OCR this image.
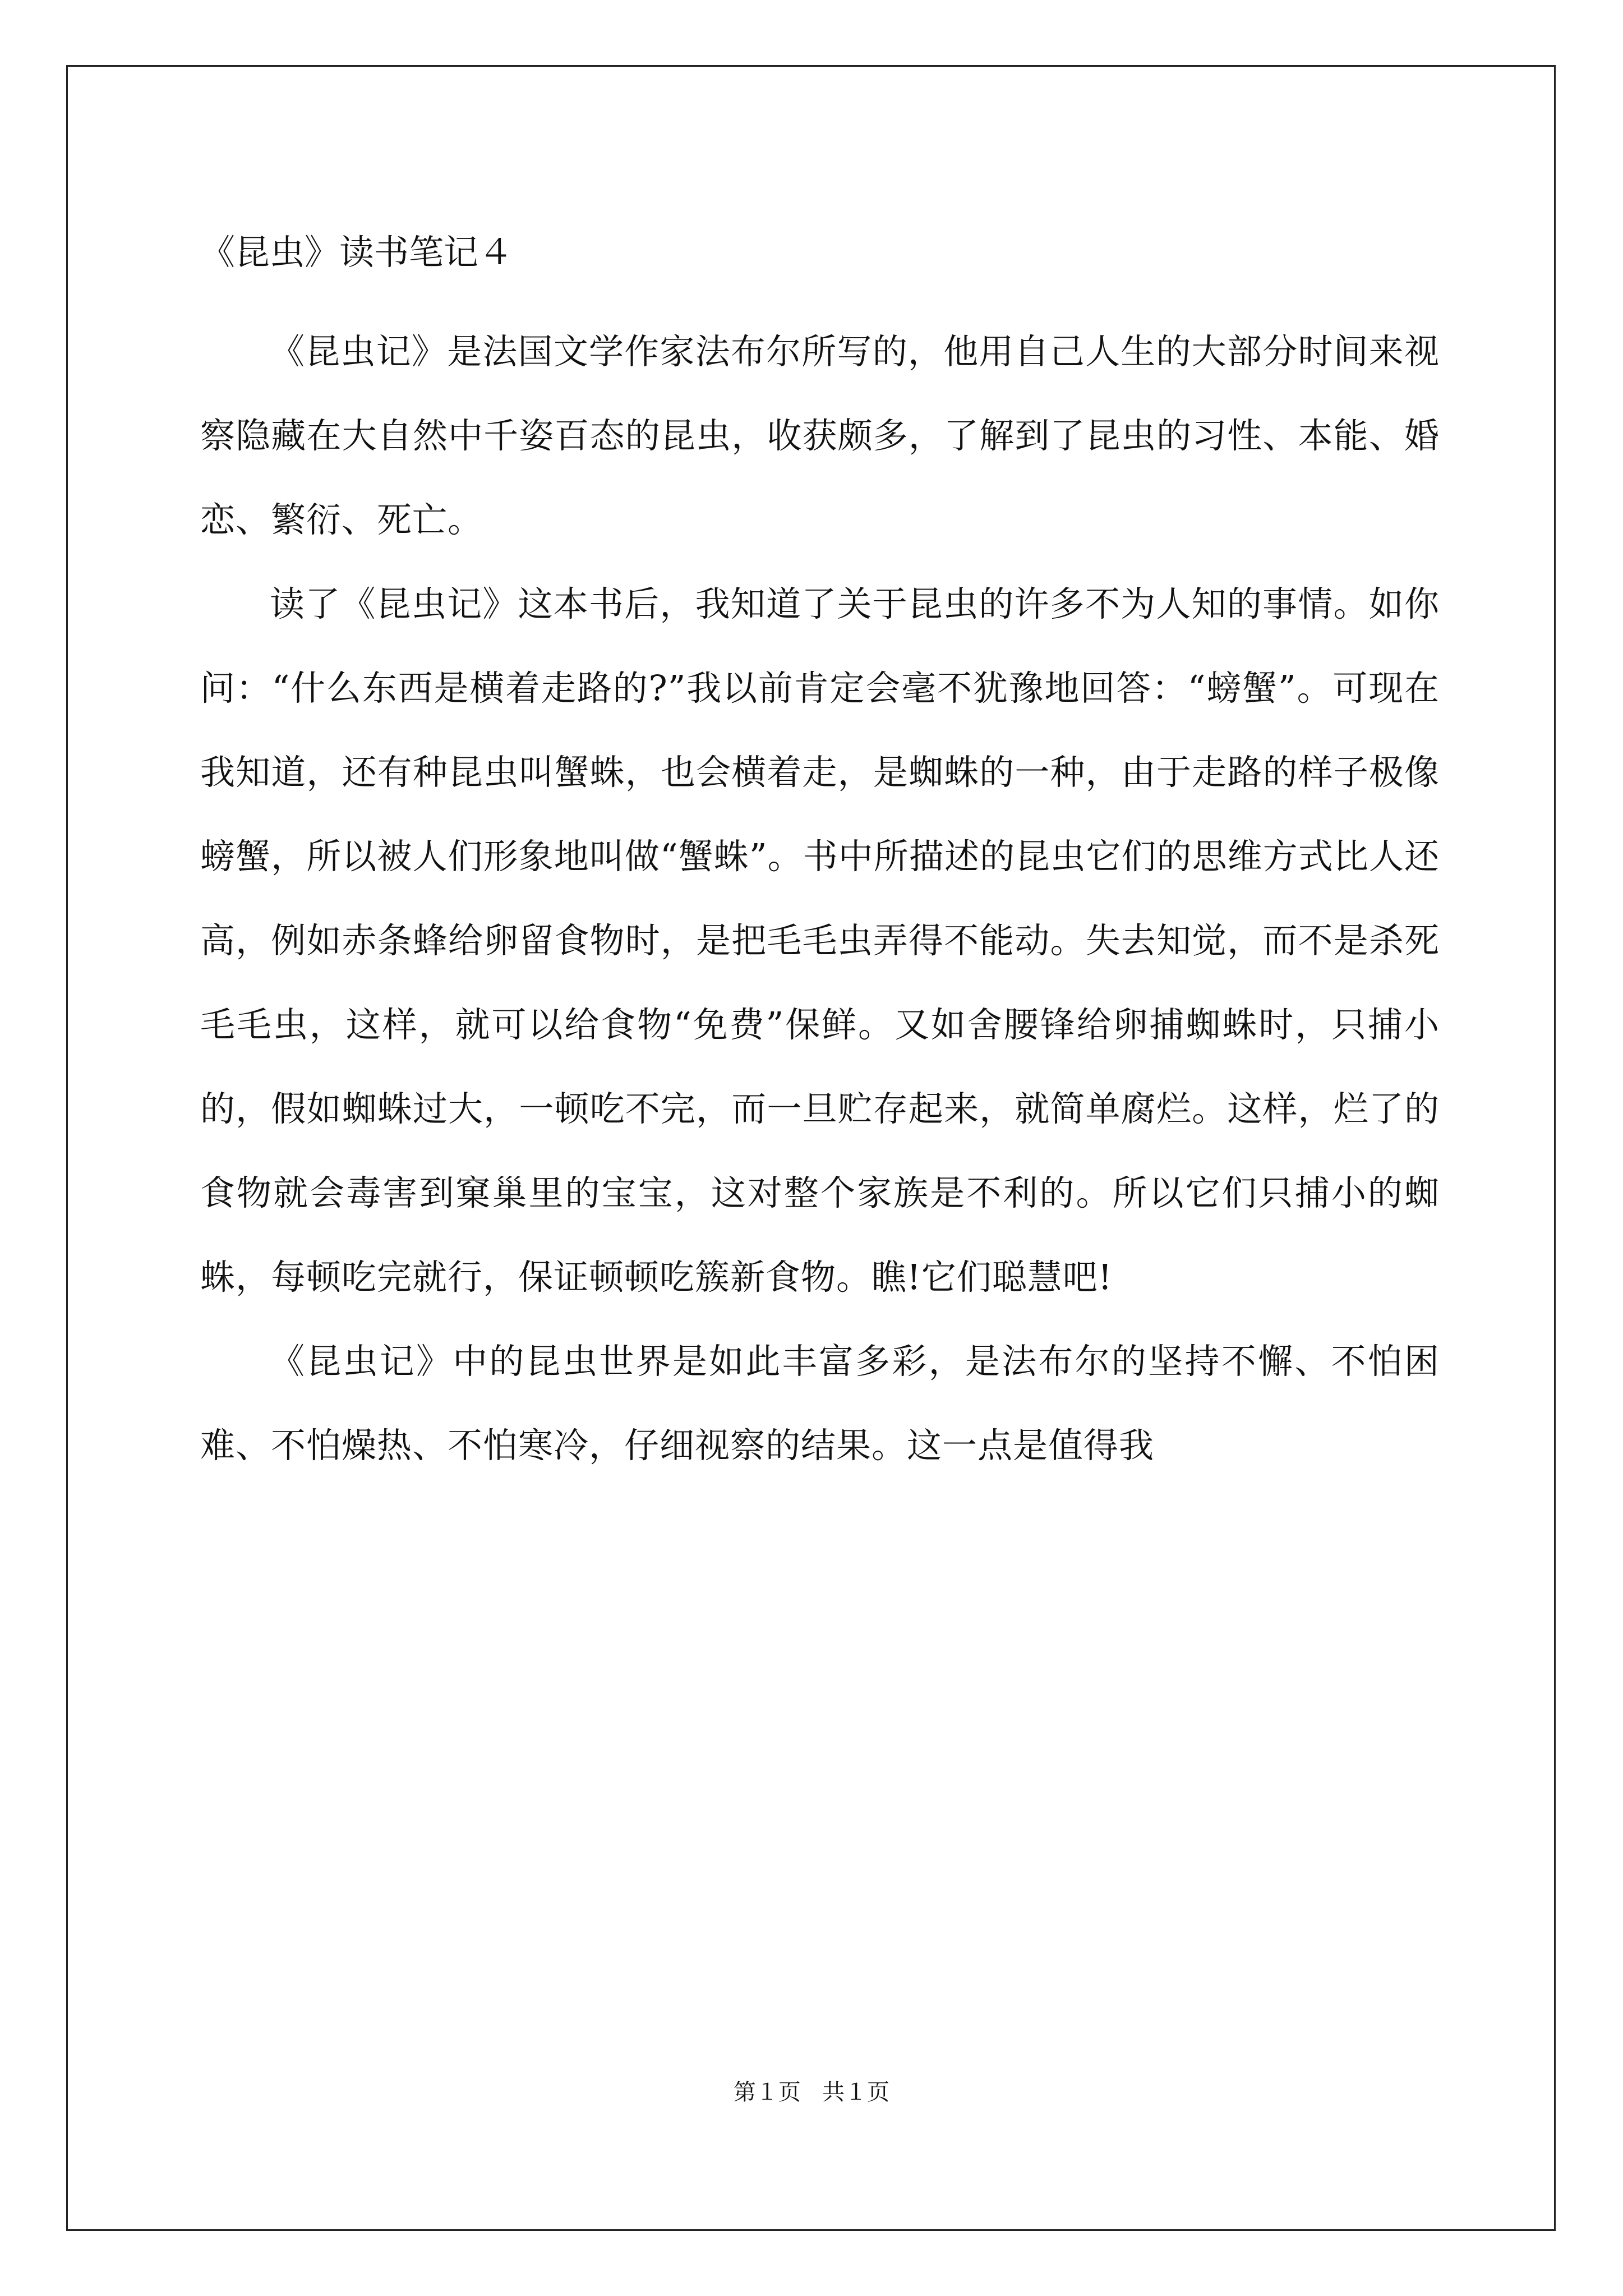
《昆虫》读书笔记４

《昆虫记》是法国文学作家法布尔所写的，他用自己人生的大部分时间来视察隐藏在大自然中千姿百态的昆虫，收获颇多，了解到了昆虫的习性、本能、婚恋、繁衍、死亡。

读了《昆虫记》这本书后，我知道了关于昆虫的许多不为人知的事情。如你问：“什么东西是横着走路的?”我以前肯定会毫不犹豫地回答：“螃蟹”。可现在我知道，还有种昆虫叫蟹蛛，也会横着走，是蜘蛛的一种，由于走路的样子极像螃蟹，所以被人们形象地叫做“蟹蛛”。书中所描述的昆虫它们的思维方式比人还高，例如赤条蜂给卵留食物时，是把毛毛虫弄得不能动。失去知觉，而不是杀死毛毛虫，这样，就可以给食物“免费”保鲜。又如舍腰锋给卵捕蜘蛛时，只捕小的，假如蜘蛛过大，一顿吃不完，而一旦贮存起来，就简单腐烂。这样，烂了的食物就会毒害到窠巢里的宝宝，这对整个家族是不利的。所以它们只捕小的蜘蛛，每顿吃完就行，保证顿顿吃簇新食物。瞧!它们聪慧吧!

《昆虫记》中的昆虫世界是如此丰富多彩，是法布尔的坚持不懈、不怕困难、不怕燥热、不怕寒冷，仔细视察的结果。这一点是值得我

第１页   共１页
